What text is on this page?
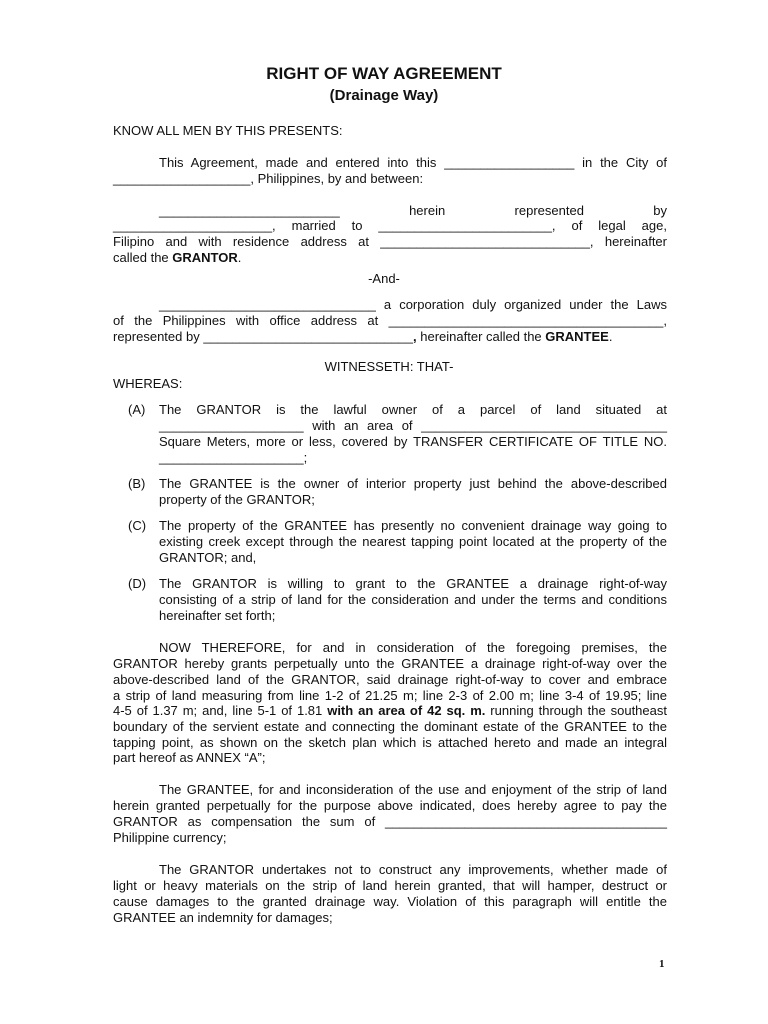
RIGHT OF WAY AGREEMENT
(Drainage Way)
KNOW ALL MEN BY THIS PRESENTS:
This Agreement, made and entered into this __________________ in the City of
___________________, Philippines, by and between:
_________________________	herein	represented	by
______________________, married to ________________________, of legal age,
Filipino and with residence address at _____________________________, hereinafter
called the GRANTOR.
-And-
______________________________ a corporation duly organized under the Laws
of the Philippines with office address at ______________________________________,
represented by _____________________________, hereinafter called the GRANTEE.
WITNESSETH: THAT-
WHEREAS:
(A) The GRANTOR is the lawful owner of a parcel of land situated at
____________________ with an area of __________________________________
Square Meters, more or less, covered by TRANSFER CERTIFICATE OF TITLE NO.
____________________;
(B) The GRANTEE is the owner of interior property just behind the above-described
property of the GRANTOR;
(C) The property of the GRANTEE has presently no convenient drainage way going to
existing creek except through the nearest tapping point located at the property of the
GRANTOR; and,
(D) The GRANTOR is willing to grant to the GRANTEE a drainage right-of-way
consisting of a strip of land for the consideration and under the terms and conditions
hereinafter set forth;
NOW THEREFORE, for and in consideration of the foregoing premises, the
GRANTOR hereby grants perpetually unto the GRANTEE a drainage right-of-way over the
above-described land of the GRANTOR, said drainage right-of-way to cover and embrace
a strip of land measuring from line 1-2 of 21.25 m; line 2-3 of 2.00 m; line 3-4 of 19.95; line
4-5 of 1.37 m; and, line 5-1 of 1.81 with an area of 42 sq. m. running through the southeast
boundary of the servient estate and connecting the dominant estate of the GRANTEE to the
tapping point, as shown on the sketch plan which is attached hereto and made an integral
part hereof as ANNEX “A”;
The GRANTEE, for and inconsideration of the use and enjoyment of the strip of land
herein granted perpetually for the purpose above indicated, does hereby agree to pay the
GRANTOR as compensation the sum of _______________________________________
Philippine currency;
The GRANTOR undertakes not to construct any improvements, whether made of
light or heavy materials on the strip of land herein granted, that will hamper, destruct or
cause damages to the granted drainage way. Violation of this paragraph will entitle the
GRANTEE an indemnity for damages;
1
